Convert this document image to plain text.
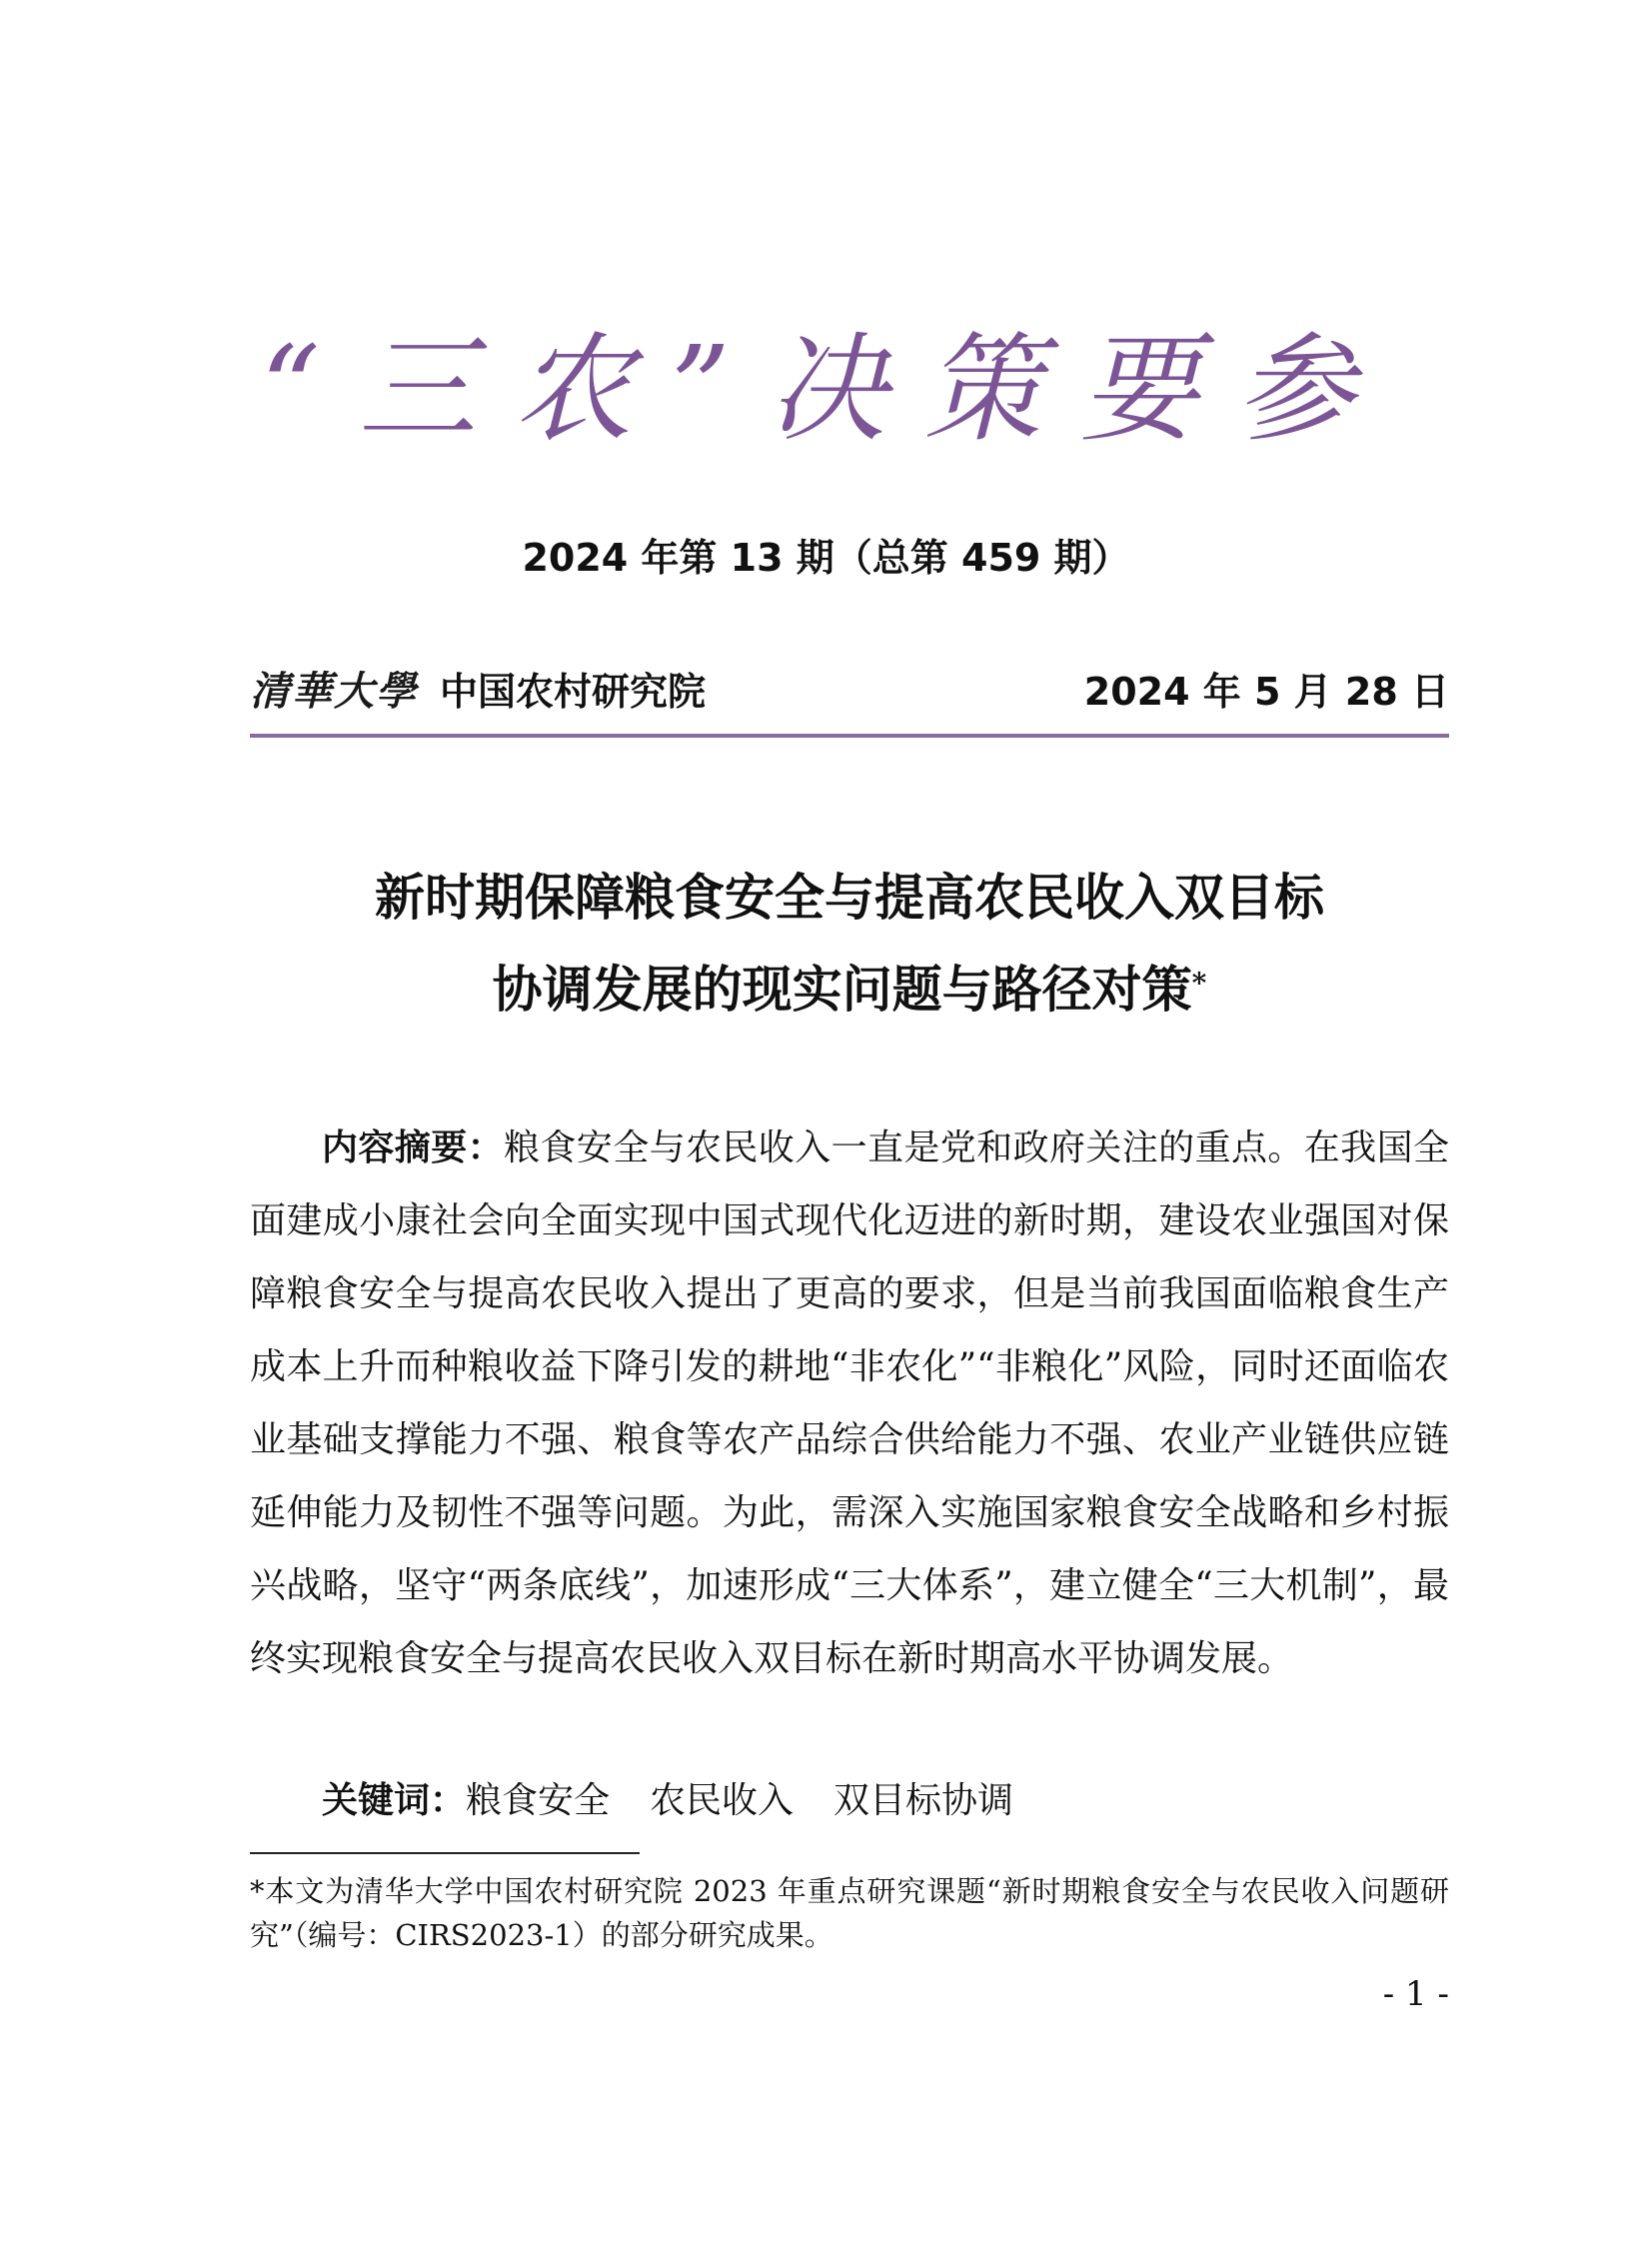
“三农”决策要参
2024 年第 13 期（总第 459 期）
清華大學 中国农村研究院	2024 年 5 月 28 日
新时期保障粮食安全与提高农民收入双目标
协调发展的现实问题与路径对策*

内容摘要：粮食安全与农民收入一直是党和政府关注的重点。在我国全面建成小康社会向全面实现中国式现代化迈进的新时期，建设农业强国对保障粮食安全与提高农民收入提出了更高的要求，但是当前我国面临粮食生产成本上升而种粮收益下降引发的耕地“非农化”“非粮化”风险，同时还面临农业基础支撑能力不强、粮食等农产品综合供给能力不强、农业产业链供应链延伸能力及韧性不强等问题。为此，需深入实施国家粮食安全战略和乡村振兴战略，坚守“两条底线”，加速形成“三大体系”，建立健全“三大机制”，最终实现粮食安全与提高农民收入双目标在新时期高水平协调发展。

关键词：粮食安全 农民收入 双目标协调

*本文为清华大学中国农村研究院 2023 年重点研究课题“新时期粮食安全与农民收入问题研究”（编号：CIRS2023-1）的部分研究成果。

- 1 -
